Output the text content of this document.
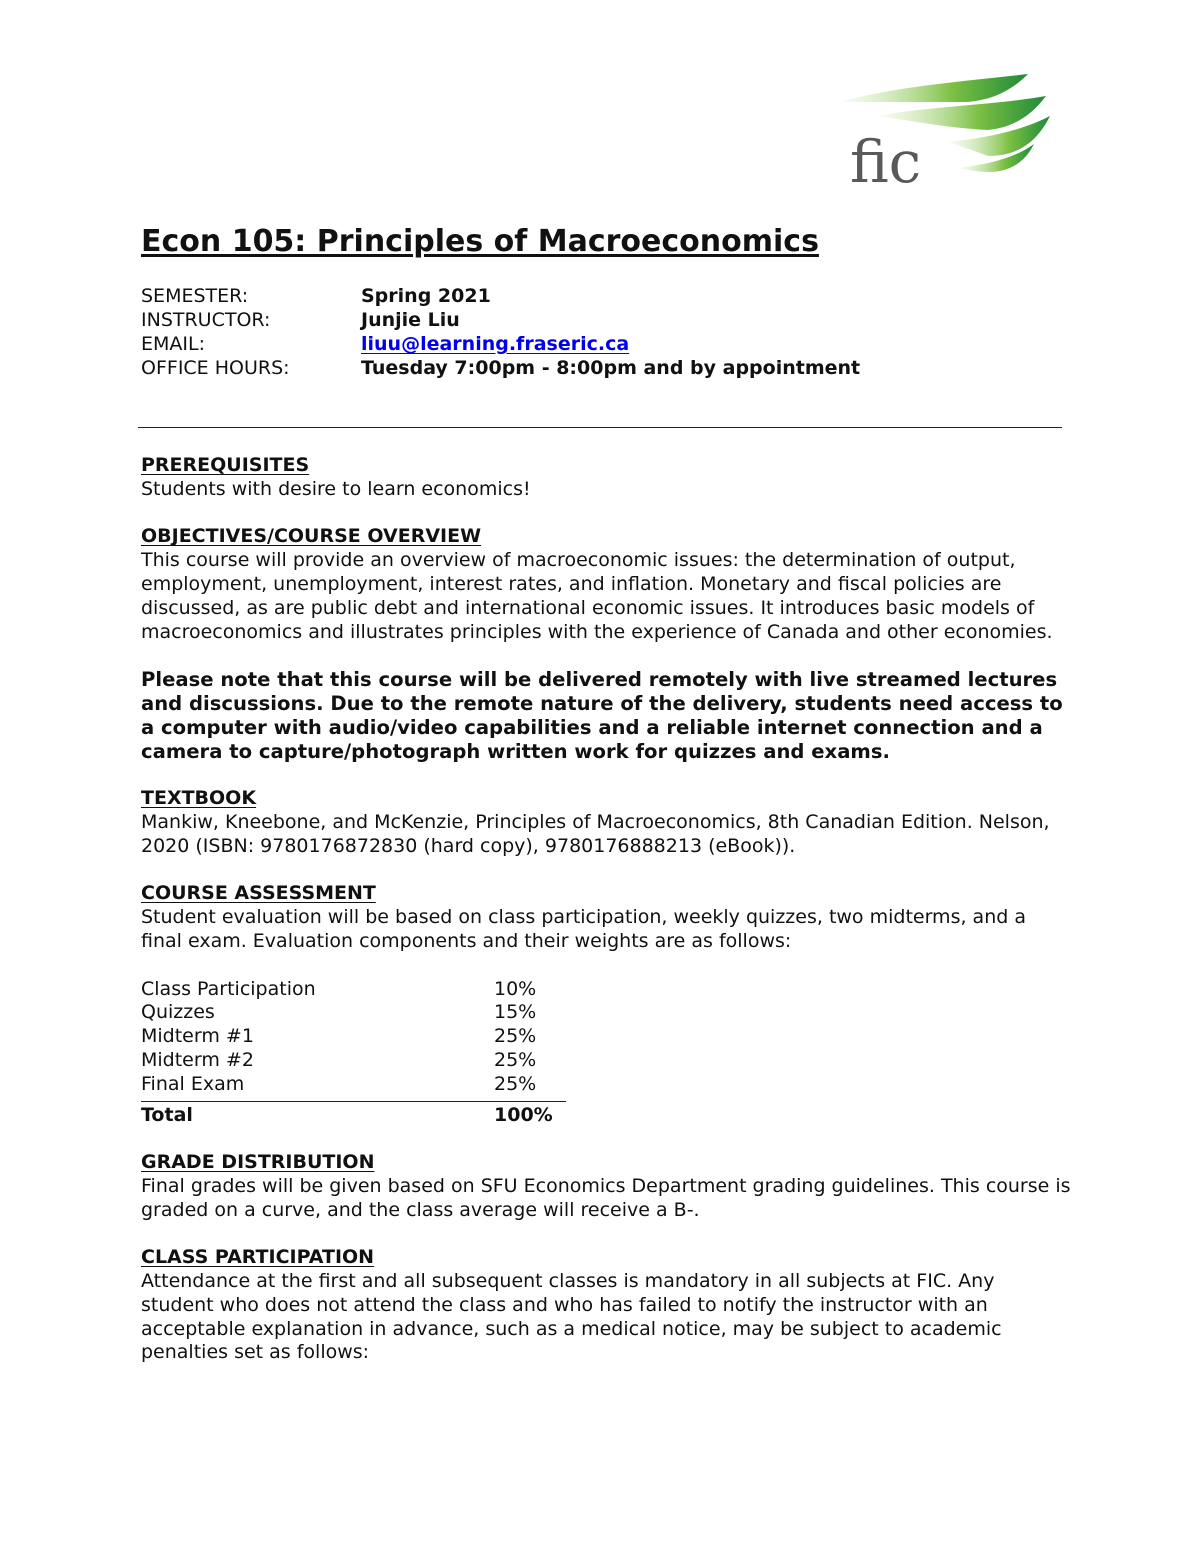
fic
Econ 105: Principles of Macroeconomics
SEMESTER:	Spring 2021
INSTRUCTOR:	Junjie Liu
EMAIL:	liuu@learning.fraseric.ca
OFFICE HOURS:	Tuesday 7:00pm - 8:00pm and by appointment
PREREQUISITES

Students with desire to learn economics!

OBJECTIVES/COURSE OVERVIEW

This course will provide an overview of macroeconomic issues: the determination of output, employment, unemployment, interest rates, and inflation. Monetary and fiscal policies are discussed, as are public debt and international economic issues. It introduces basic models of macroeconomics and illustrates principles with the experience of Canada and other economies.

Please note that this course will be delivered remotely with live streamed lectures and discussions. Due to the remote nature of the delivery, students need access to a computer with audio/video capabilities and a reliable internet connection and a camera to capture/photograph written work for quizzes and exams.

TEXTBOOK

Mankiw, Kneebone, and McKenzie, Principles of Macroeconomics, 8th Canadian Edition. Nelson, 2020 (ISBN: 9780176872830 (hard copy), 9780176888213 (eBook)).

COURSE ASSESSMENT

Student evaluation will be based on class participation, weekly quizzes, two midterms, and a final exam. Evaluation components and their weights are as follows:

Class Participation	10%
Quizzes	15%
Midterm #1	25%
Midterm #2	25%
Final Exam	25%
Total	100%
GRADE DISTRIBUTION

Final grades will be given based on SFU Economics Department grading guidelines. This course is graded on a curve, and the class average will receive a B-.

CLASS PARTICIPATION

Attendance at the first and all subsequent classes is mandatory in all subjects at FIC. Any student who does not attend the class and who has failed to notify the instructor with an acceptable explanation in advance, such as a medical notice, may be subject to academic penalties set as follows:
